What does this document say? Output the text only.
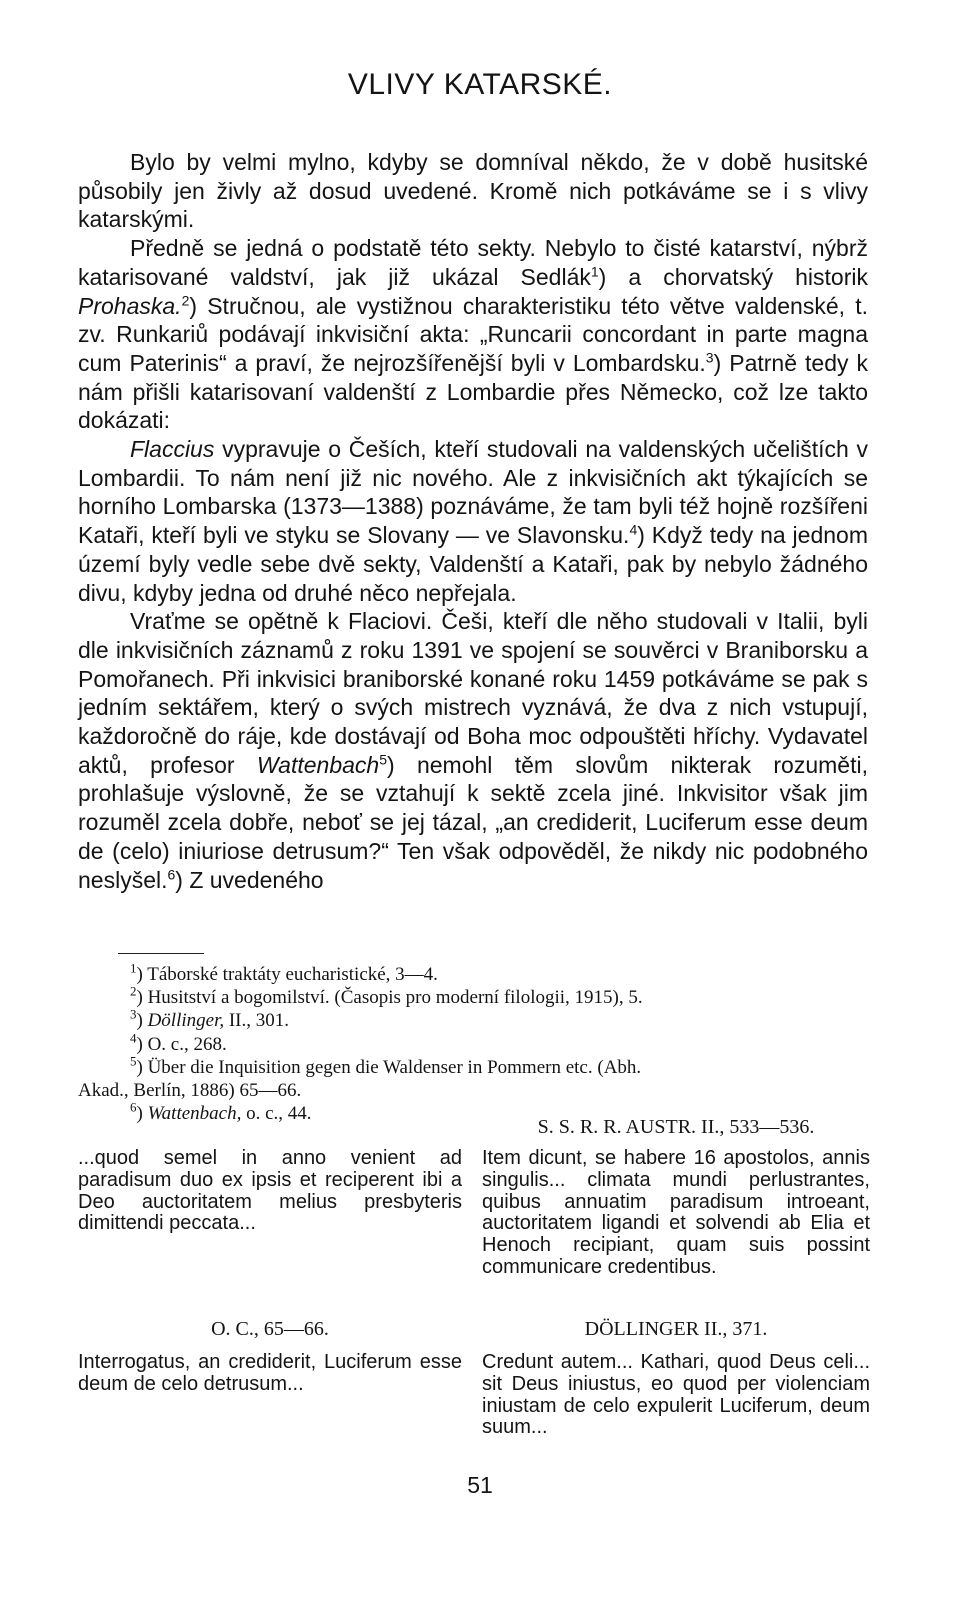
VLIVY KATARSKÉ.

Bylo by velmi mylno, kdyby se domníval někdo, že v době husitské působily jen živly až dosud uvedené. Kromě nich potkáváme se i s vlivy katarskými.

Předně se jedná o podstatě této sekty. Nebylo to čisté katarství, nýbrž katarisované valdství, jak již ukázal Sedlák$^1$) a chorvatský historik Prohaska.$^2$) Stručnou, ale vystižnou charakteristiku této větve valdenské, t. zv. Runkariů podávají inkvisiční akta: „Runcarii concordant in parte magna cum Paterinis“ a praví, že nejrozšířenější byli v Lombardsku.$^3$) Patrně tedy k nám přišli katarisovaní valdenští z Lombardie přes Německo, což lze takto dokázati:

Flaccius vypravuje o Češích, kteří studovali na valdenských učelištích v Lombardii. To nám není již nic nového. Ale z inkvisičních akt týkajících se horního Lombarska (1373—1388) poznáváme, že tam byli též hojně rozšířeni Kataři, kteří byli ve styku se Slovany — ve Slavonsku.$^4$) Když tedy na jednom území byly vedle sebe dvě sekty, Valdenští a Kataři, pak by nebylo žádného divu, kdyby jedna od druhé něco nepřejala.

Vraťme se opětně k Flaciovi. Češi, kteří dle něho studovali v Italii, byli dle inkvisičních záznamů z roku 1391 ve spojení se souvěrci v Braniborsku a Pomořanech. Při inkvisici braniborské konané roku 1459 potkáváme se pak s jedním sektářem, který o svých mistrech vyznává, že dva z nich vstupují, každoročně do ráje, kde dostávají od Boha moc odpouštěti hříchy. Vydavatel aktů, profesor Wattenbach$^5$) nemohl těm slovům nikterak rozuměti, prohlašuje výslovně, že se vztahují k sektě zcela jiné. Inkvisitor však jim rozuměl zcela dobře, neboť se jej tázal, „an crediderit, Luciferum esse deum de (celo) iniuriose detrusum?“ Ten však odpověděl, že nikdy nic podobného neslyšel.$^6$) Z uvedeného

$^1$) Táborské traktáty eucharistické, 3—4.

$^2$) Husitství a bogomilství. (Časopis pro moderní filologii, 1915), 5.

$^3$) Döllinger, II., 301.

$^4$) O. c., 268.

$^5$) Über die Inquisition gegen die Waldenser in Pommern etc. (Abh.

Akad., Berlín, 1886) 65—66.

$^6$) Wattenbach, o. c., 44.

S. S. R. R. AUSTR. II., 533—536.
...quod semel in anno venient ad paradisum duo ex ipsis et reciperent ibi a Deo auctoritatem melius presbyteris dimittendi peccata...
Item dicunt, se habere 16 apostolos, annis singulis... climata mundi perlustrantes, quibus annuatim paradisum introeant, auctoritatem ligandi et solvendi ab Elia et Henoch recipiant, quam suis possint communicare credentibus.
O. C., 65—66.	DÖLLINGER II., 371.
Interrogatus, an crediderit, Luciferum esse deum de celo detrusum...
Credunt autem... Kathari, quod Deus celi... sit Deus iniustus, eo quod per violenciam iniustam de celo expulerit Luciferum, deum suum...
51
